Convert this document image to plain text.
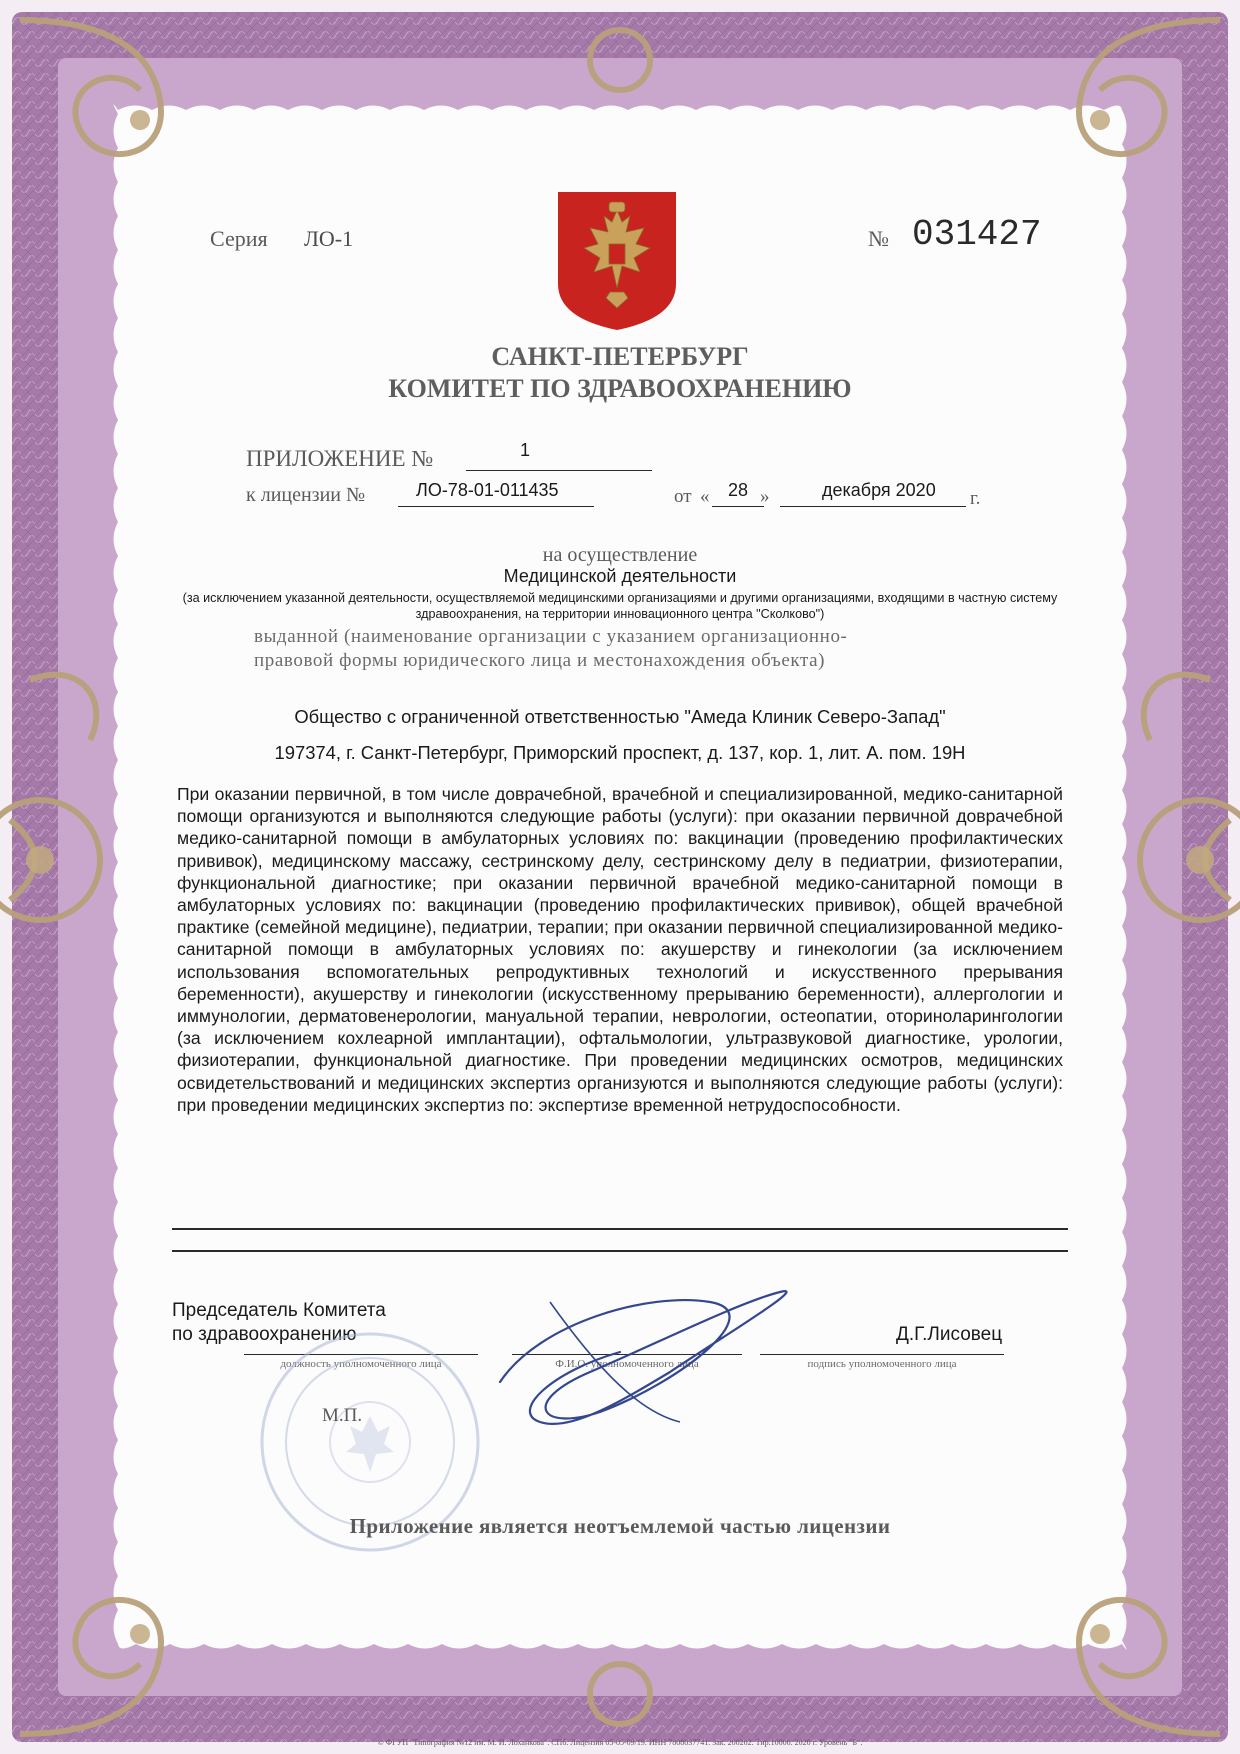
Серия ЛО-1	№ 031427
САНКТ-ПЕТЕРБУРГ
КОМИТЕТ ПО ЗДРАВООХРАНЕНИЮ
ПРИЛОЖЕНИЕ №	1
к лицензии №	ЛО-78-01-011435	от « 28 »	декабря 2020 г.
на осуществление
Медицинской деятельности
(за исключением указанной деятельности, осуществляемой медицинскими организациями и другими организациями, входящими в частную систему здравоохранения, на территории инновационного центра "Сколково")
выданной (наименование организации с указанием организационно-
правовой формы юридического лица и местонахождения объекта)
Общество с ограниченной ответственностью "Амеда Клиник Северо-Запад"
197374, г. Санкт-Петербург, Приморский проспект, д. 137, кор. 1, лит. А. пом. 19Н
При оказании первичной, в том числе доврачебной, врачебной и специализированной, медико-санитарной помощи организуются и выполняются следующие работы (услуги): при оказании первичной доврачебной медико-санитарной помощи в амбулаторных условиях по: вакцинации (проведению профилактических прививок), медицинскому массажу, сестринскому делу, сестринскому делу в педиатрии, физиотерапии, функциональной диагностике; при оказании первичной врачебной медико-санитарной помощи в амбулаторных условиях по: вакцинации (проведению профилактических прививок), общей врачебной практике (семейной медицине), педиатрии, терапии; при оказании первичной специализированной медико-санитарной помощи в амбулаторных условиях по: акушерству и гинекологии (за исключением использования вспомогательных репродуктивных технологий и искусственного прерывания беременности), акушерству и гинекологии (искусственному прерыванию беременности), аллергологии и иммунологии, дерматовенерологии, мануальной терапии, неврологии, остеопатии, оториноларингологии (за исключением кохлеарной имплантации), офтальмологии, ультразвуковой диагностике, урологии, физиотерапии, функциональной диагностике. При проведении медицинских осмотров, медицинских освидетельствований и медицинских экспертиз организуются и выполняются следующие работы (услуги): при проведении медицинских экспертиз по: экспертизе временной нетрудоспособности.
Председатель Комитета
по здравоохранению	Д.Г.Лисовец
должность уполномоченного лица	Ф.И.О. уполномоченного лица	подпись уполномоченного лица
М.П.
Приложение является неотъемлемой частью лицензии
© ФГУП "Типография №12 им. М. И. Лоханкова". СПб. Лицензия 05-05-09/19. ИНН 7808037741. Зак. 200202. Тир.10000. 2020 г. Уровень "Б".
